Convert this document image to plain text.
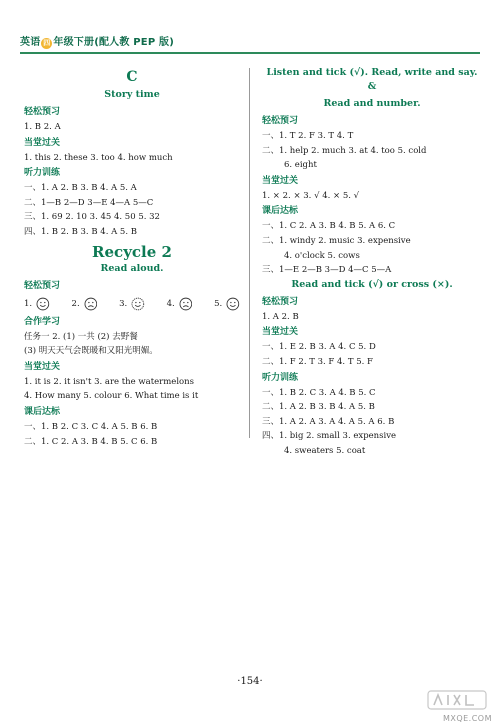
英语 四 年级下册(配人教 PEP 版)
C
Story time
轻松预习
1. B 2. A
当堂过关
1. this 2. these 3. too 4. how much
听力训练
一、1. A 2. B 3. B 4. A 5. A
二、1—B 2—D 3—E 4—A 5—C
三、1. 69 2. 10 3. 45 4. 50 5. 32
四、1. B 2. B 3. B 4. A 5. B
Recycle 2
Read aloud.
轻松预习
1.	2.	3.	4.	5.
合作学习
任务一 2. (1) 一共 (2) 去野餐
(3) 明天天气会既暖和又阳光明媚。
当堂过关
1. it is 2. it isn't 3. are the watermelons
4. How many 5. colour 6. What time is it
课后达标
一、1. B 2. C 3. C 4. A 5. B 6. B
二、1. C 2. A 3. B 4. B 5. C 6. B
Listen and tick (√). Read, write and say. &
Read and number.
轻松预习
一、1. T 2. F 3. T 4. T
二、1. help 2. much 3. at 4. too 5. cold
6. eight
当堂过关
1. × 2. × 3. √ 4. × 5. √
课后达标
一、1. C 2. A 3. B 4. B 5. A 6. C
二、1. windy 2. music 3. expensive
4. o'clock 5. cows
三、1—E 2—B 3—D 4—C 5—A
Read and tick (√) or cross (×).
轻松预习
1. A 2. B
当堂过关
一、1. E 2. B 3. A 4. C 5. D
二、1. F 2. T 3. F 4. T 5. F
听力训练
一、1. B 2. C 3. A 4. B 5. C
二、1. A 2. B 3. B 4. A 5. B
三、1. A 2. A 3. A 4. A 5. A 6. B
四、1. big 2. small 3. expensive
4. sweaters 5. coat
·154·
MXQE.COM
